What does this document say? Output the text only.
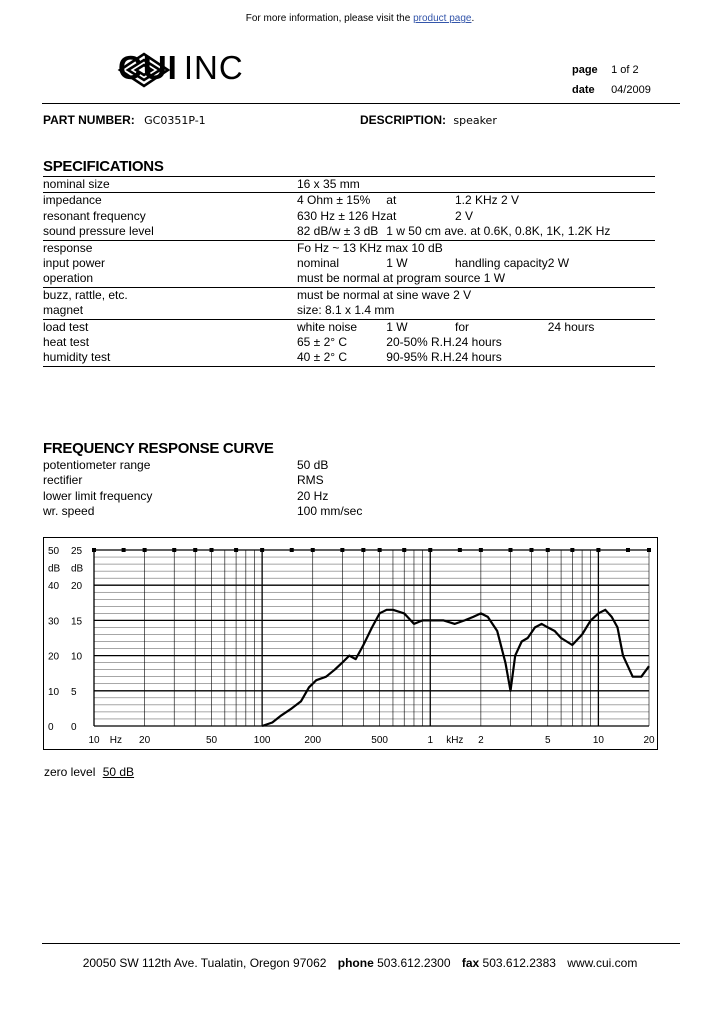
For more information, please visit the product page.
CUI INC	page 1 of 2
date 04/2009
PART NUMBER: GC0351P-1	DESCRIPTION: speaker
SPECIFICATIONS
nominal size	16 x 35 mm			
impedance	4 Ohm ± 15%	at	1.2 KHz 2 V	
resonant frequency	630 Hz ± 126 Hz	at	2 V	
sound pressure level	82 dB/w ± 3 dB	1 w 50 cm ave. at 0.6K, 0.8K, 1K, 1.2K Hz		
response	Fo Hz ~ 13 KHz max 10 dB			
input power	nominal	1 W	handling capacity	2 W
operation	must be normal at program source 1 W			
buzz, rattle, etc.	must be normal at sine wave 2 V			
magnet	size: 8.1 x 1.4 mm			
load test	white noise	1 W	for	24 hours
heat test	65 ± 2° C	20-50% R.H.	24 hours	
humidity test	40 ± 2° C	90-95% R.H.	24 hours	
FREQUENCY RESPONSE CURVE
potentiometer range	50 dB
rectifier	RMS
lower limit frequency	20 Hz
wr. speed	100 mm/sec
10 Hz 20	50	100	200	500	1 kHz 2	5	10	20
50
dB
40
30
20
10
0
25
dB
20
15
10
5
0
zero level 50 dB
20050 SW 112th Ave. Tualatin, Oregon 97062 phone 503.612.2300 fax 503.612.2383 www.cui.com
